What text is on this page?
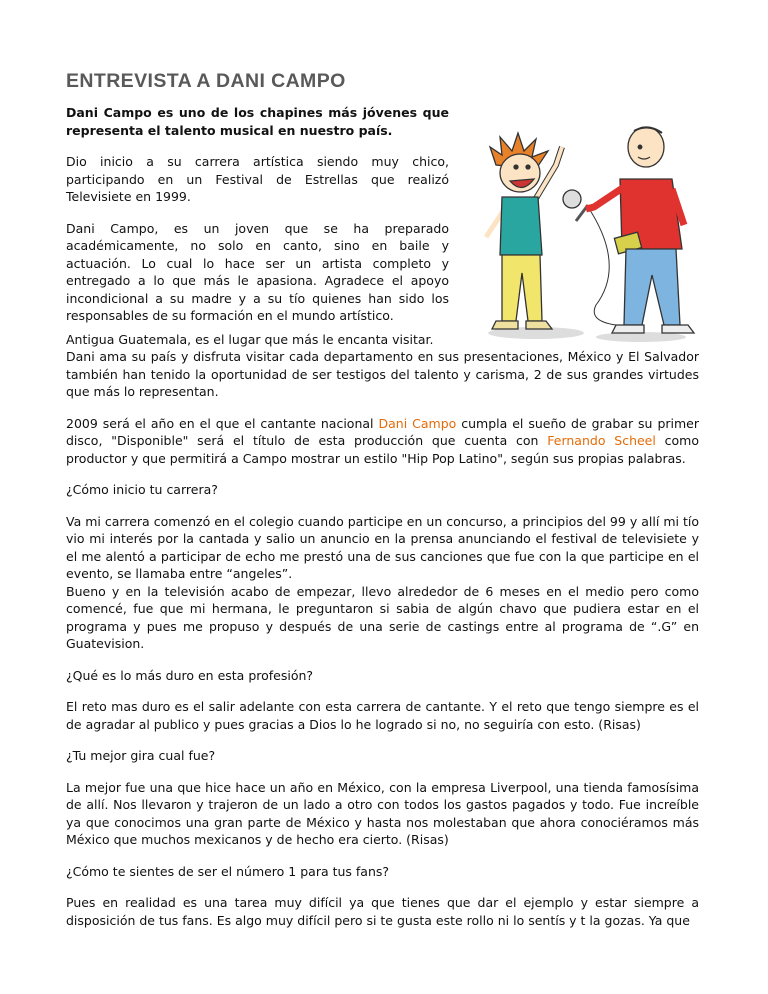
ENTREVISTA A DANI CAMPO

Dani Campo es uno de los chapines más jóvenes que representa el talento musical en nuestro país.

Dio inicio a su carrera artística siendo muy chico, participando en un Festival de Estrellas que realizó Televisiete en 1999.

Dani Campo, es un joven que se ha preparado académicamente, no solo en canto, sino en baile y actuación. Lo cual lo hace ser un artista completo y entregado a lo que más le apasiona. Agradece el apoyo incondicional a su madre y a su tío quienes han sido los responsables de su formación en el mundo artístico.

Antigua Guatemala, es el lugar que más le encanta visitar.
Dani ama su país y disfruta visitar cada departamento en sus presentaciones, México y El Salvador también han tenido la oportunidad de ser testigos del talento y carisma, 2 de sus grandes virtudes que más lo representan.

2009 será el año en el que el cantante nacional Dani Campo cumpla el sueño de grabar su primer disco, "Disponible" será el título de esta producción que cuenta con Fernando Scheel como productor y que permitirá a Campo mostrar un estilo "Hip Pop Latino", según sus propias palabras.

¿Cómo inicio tu carrera?

Va mi carrera comenzó en el colegio cuando participe en un concurso, a principios del 99 y allí mi tío vio mi interés por la cantada y salio un anuncio en la prensa anunciando el festival de televisiete y el me alentó a participar de echo me prestó una de sus canciones que fue con la que participe en el evento, se llamaba entre “angeles”.
Bueno y en la televisión acabo de empezar, llevo alrededor de 6 meses en el medio pero como comencé, fue que mi hermana, le preguntaron si sabia de algún chavo que pudiera estar en el programa y pues me propuso y después de una serie de castings entre al programa de “.G” en Guatevision.

¿Qué es lo más duro en esta profesión?

El reto mas duro es el salir adelante con esta carrera de cantante. Y el reto que tengo siempre es el de agradar al publico y pues gracias a Dios lo he logrado si no, no seguiría con esto. (Risas)

¿Tu mejor gira cual fue?

La mejor fue una que hice hace un año en México, con la empresa Liverpool, una tienda famosísima de allí. Nos llevaron y trajeron de un lado a otro con todos los gastos pagados y todo. Fue increíble ya que conocimos una gran parte de México y hasta nos molestaban que ahora conociéramos más México que muchos mexicanos y de hecho era cierto. (Risas)

¿Cómo te sientes de ser el número 1 para tus fans?

Pues en realidad es una tarea muy difícil ya que tienes que dar el ejemplo y estar siempre a disposición de tus fans. Es algo muy difícil pero si te gusta este rollo ni lo sentís y t la gozas. Ya que
